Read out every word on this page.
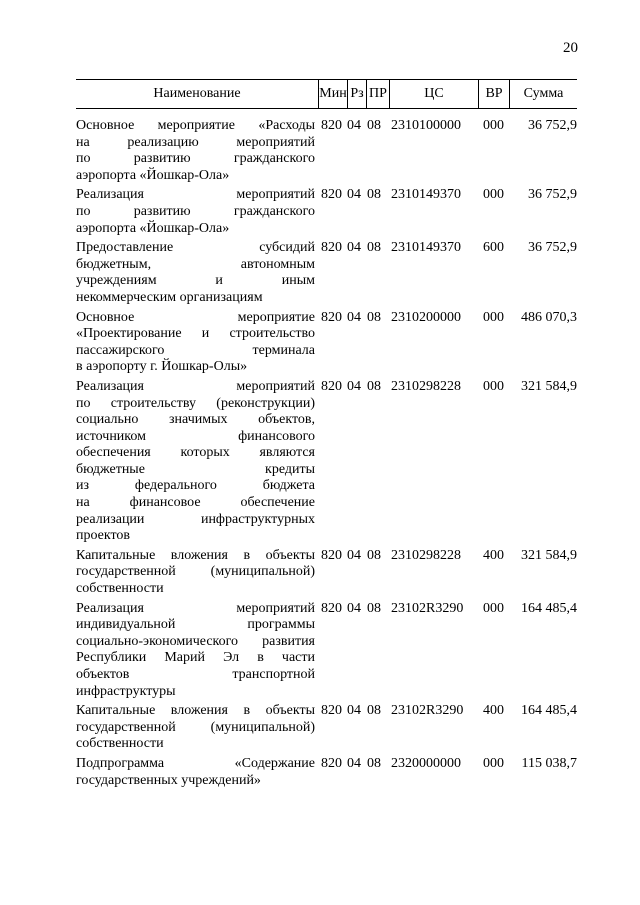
20
Наименование	Мин Рз ПР	ЦС	ВР	Сумма
Основное мероприятие «Расходы
на реализацию мероприятий
по развитию гражданского
аэропорта «Йошкар-Ола»
820 04 08 2310100000	000	36 752,9
Реализация мероприятий
по развитию гражданского
аэропорта «Йошкар-Ола»
820 04 08 2310149370	000	36 752,9
Предоставление субсидий
бюджетным, автономным
учреждениям и иным
некоммерческим организациям
820 04 08 2310149370	600	36 752,9
Основное мероприятие
«Проектирование и строительство
пассажирского терминала
в аэропорту г. Йошкар-Олы»
820 04 08 2310200000	000	486 070,3
Реализация мероприятий
по строительству (реконструкции)
социально значимых объектов,
источником финансового
обеспечения которых являются
бюджетные кредиты
из федерального бюджета
на финансовое обеспечение
реализации инфраструктурных
проектов
820 04 08 2310298228	000	321 584,9
Капитальные вложения в объекты
государственной (муниципальной)
собственности
820 04 08 2310298228	400	321 584,9
Реализация мероприятий
индивидуальной программы
социально-экономического развития
Республики Марий Эл в части
объектов транспортной
инфраструктуры
820 04 08 23102R3290	000	164 485,4
Капитальные вложения в объекты
государственной (муниципальной)
собственности
820 04 08 23102R3290	400	164 485,4
Подпрограмма «Содержание
государственных учреждений»
820 04 08 2320000000	000	115 038,7
